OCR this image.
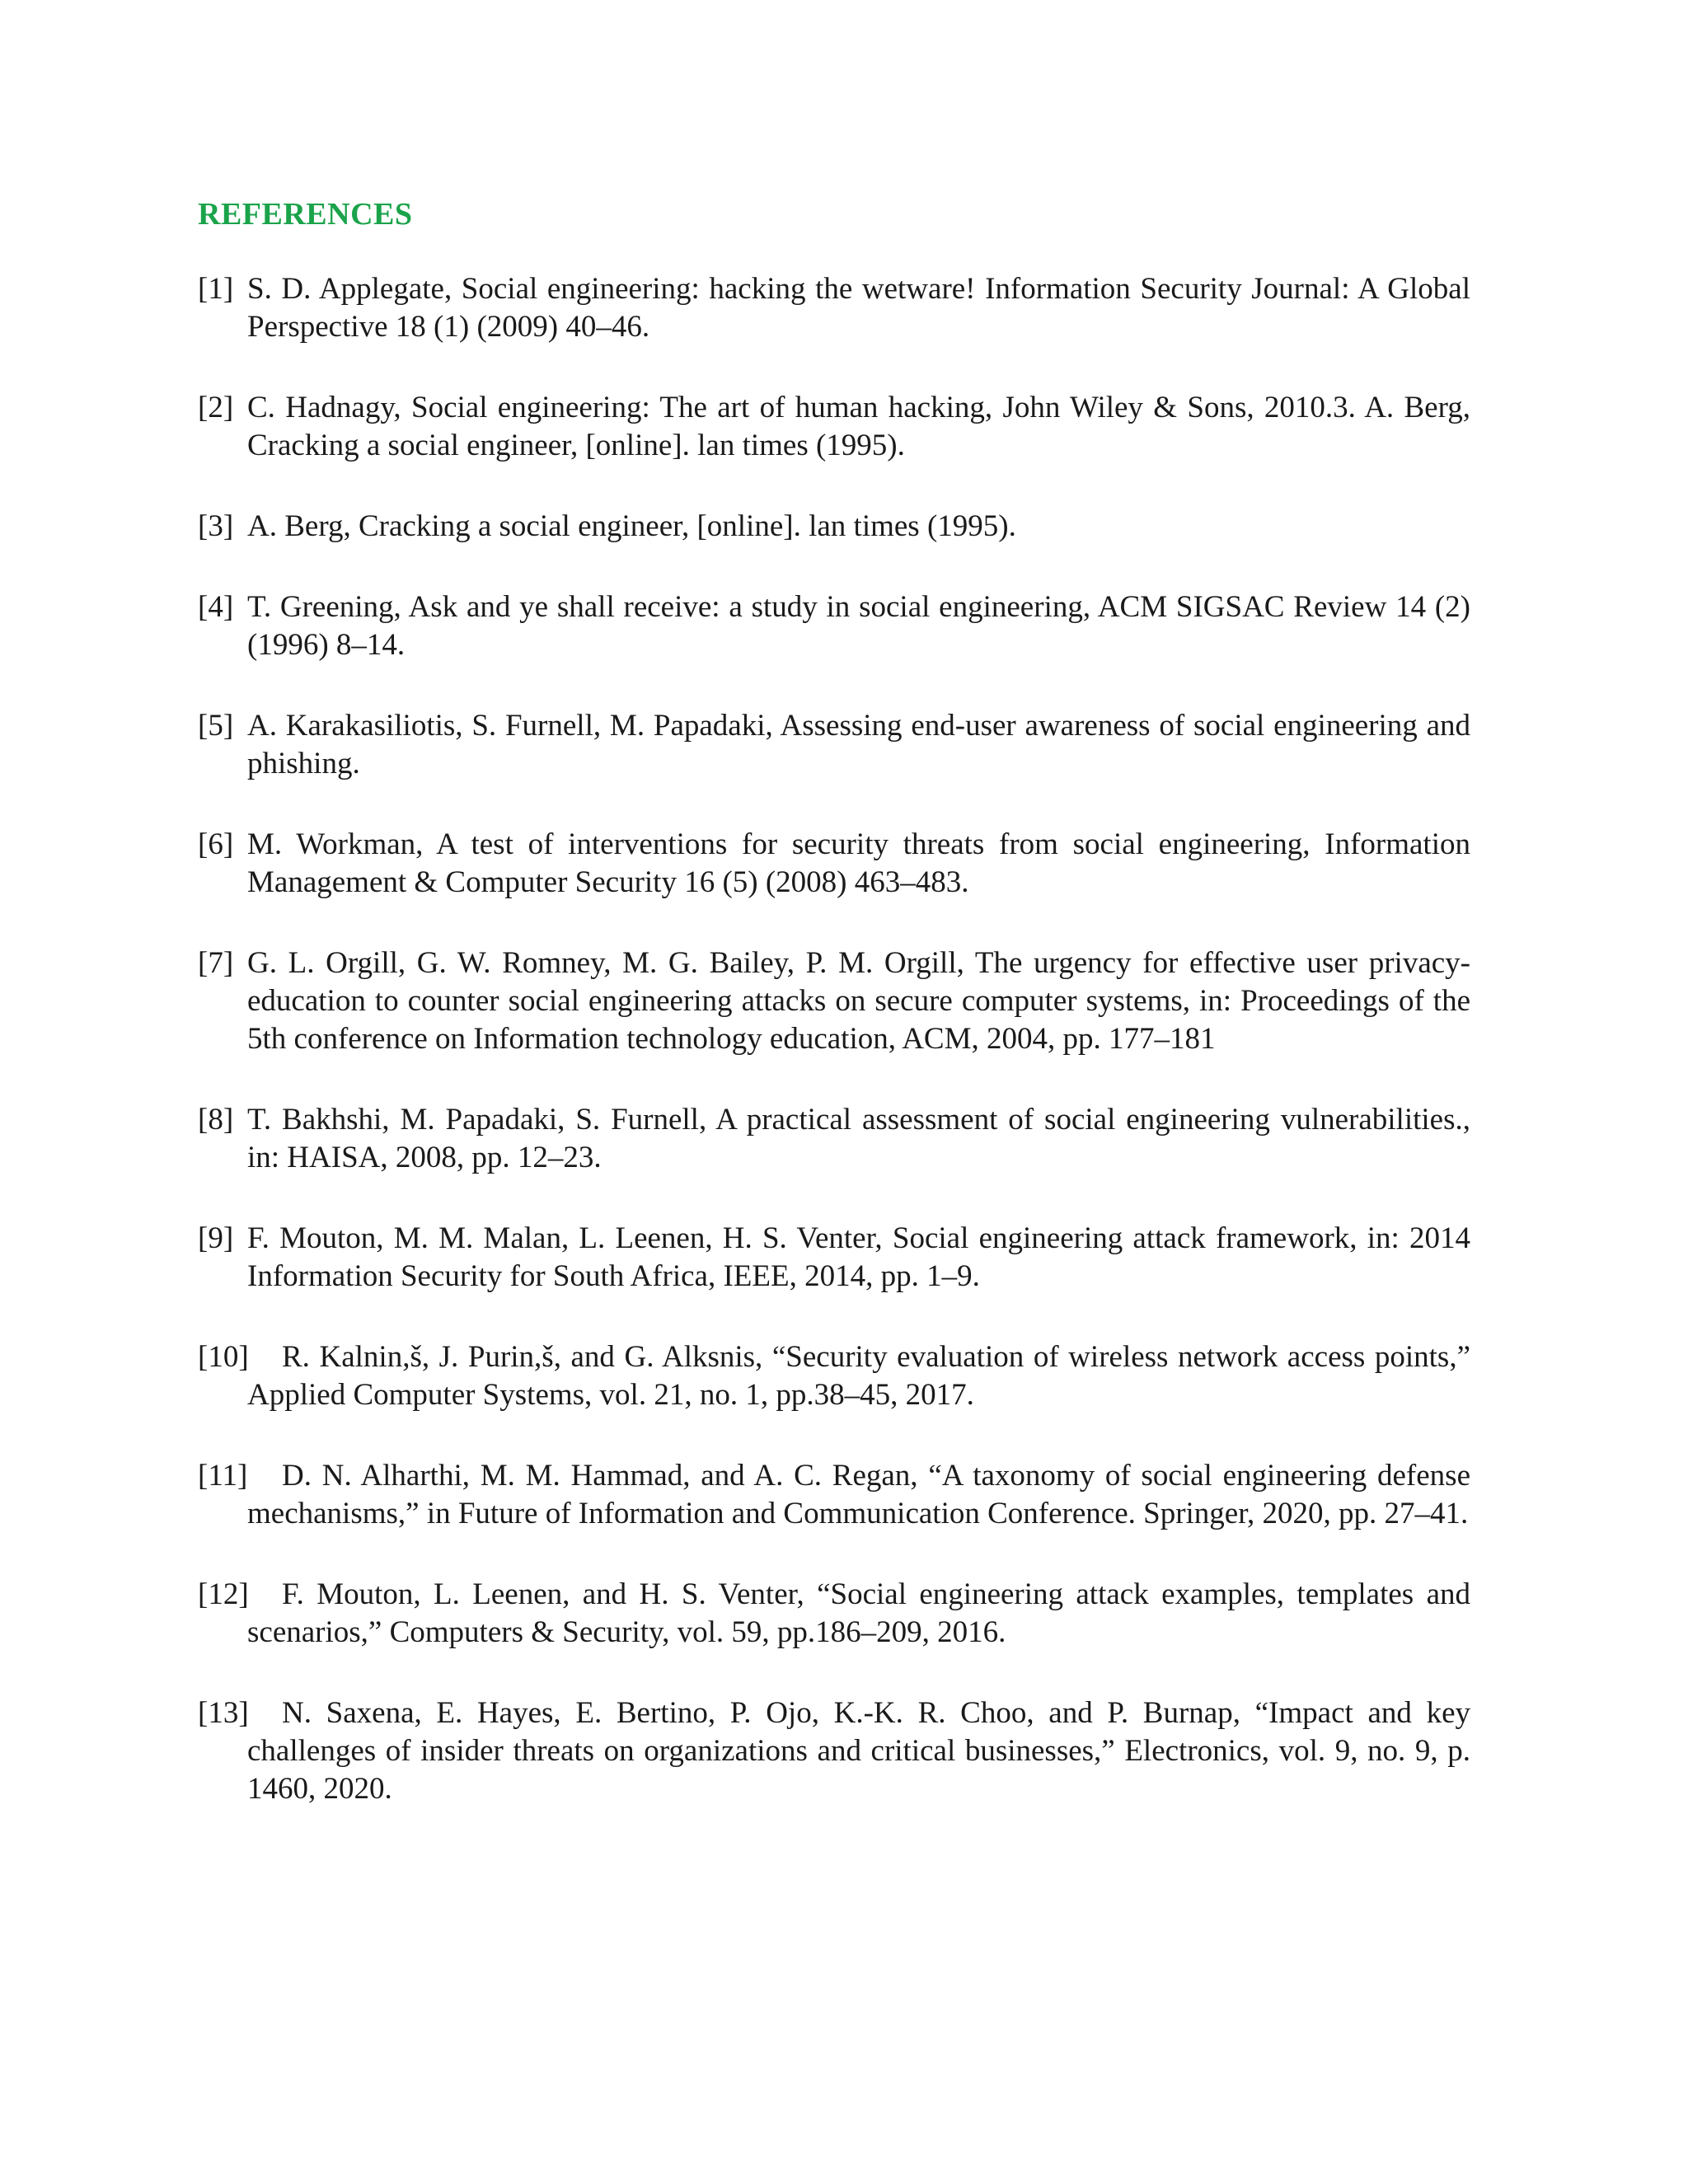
REFERENCES
[1] S. D. Applegate, Social engineering: hacking the wetware! Information Security Journal: A Global Perspective 18 (1) (2009) 40–46.
[2] C. Hadnagy, Social engineering: The art of human hacking, John Wiley & Sons, 2010.3. A. Berg, Cracking a social engineer, [online]. lan times (1995).
[3] A. Berg, Cracking a social engineer, [online]. lan times (1995).
[4] T. Greening, Ask and ye shall receive: a study in social engineering, ACM SIGSAC Review 14 (2) (1996) 8–14.
[5] A. Karakasiliotis, S. Furnell, M. Papadaki, Assessing end-user awareness of social engineering and phishing.
[6] M. Workman, A test of interventions for security threats from social engineering, Information Management & Computer Security 16 (5) (2008) 463–483.
[7] G. L. Orgill, G. W. Romney, M. G. Bailey, P. M. Orgill, The urgency for effective user privacy-education to counter social engineering attacks on secure computer systems, in: Proceedings of the 5th conference on Information technology education, ACM, 2004, pp. 177–181
[8] T. Bakhshi, M. Papadaki, S. Furnell, A practical assessment of social engineering vulnerabilities., in: HAISA, 2008, pp. 12–23.
[9] F. Mouton, M. M. Malan, L. Leenen, H. S. Venter, Social engineering attack framework, in: 2014 Information Security for South Africa, IEEE, 2014, pp. 1–9.
[10]	R. Kalnin,š, J. Purin,š, and G. Alksnis, “Security evaluation of wireless network access points,” Applied Computer Systems, vol. 21, no. 1, pp.38–45, 2017.
[11]	D. N. Alharthi, M. M. Hammad, and A. C. Regan, “A taxonomy of social engineering defense mechanisms,” in Future of Information and Communication Conference. Springer, 2020, pp. 27–41.
[12]	F. Mouton, L. Leenen, and H. S. Venter, “Social engineering attack examples, templates and scenarios,” Computers & Security, vol. 59, pp.186–209, 2016.
[13]	N. Saxena, E. Hayes, E. Bertino, P. Ojo, K.-K. R. Choo, and P. Burnap, “Impact and key challenges of insider threats on organizations and critical businesses,” Electronics, vol. 9, no. 9, p. 1460, 2020.
